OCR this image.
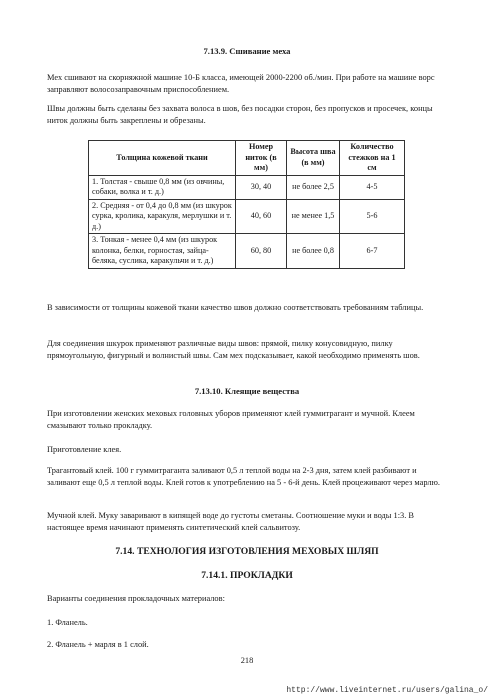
7.13.9. Сшивание меха

Мех сшивают на скорняжной машине 10-Б класса, имеющей 2000-2200 об./мин. При работе на машине ворс заправляют волосозаправочным приспособлением.

Швы должны быть сделаны без захвата волоса в шов, без посадки сторон, без пропусков и просечек, концы ниток должны быть закреплены и обрезаны.

Толщина кожевой ткани	Номер ниток (в мм)	Высота шва (в мм)	Количество стежков на 1 см
1. Толстая - свыше 0,8 мм (из овчины, собаки, волка и т. д.)	30, 40	не более 2,5	4-5
2. Средняя - от 0,4 до 0,8 мм (из шкурок сурка, кролика, каракуля, мерлушки и т. д.)	40, 60	не менее 1,5	5-6
3. Тонкая - менее 0,4 мм (из шкурок колонка, белки, горностая, зайца-беляка, суслика, каракульчи и т. д.)	60, 80	не более 0,8	6-7

В зависимости от толщины кожевой ткани качество швов должно соответствовать требованиям таблицы.

Для соединения шкурок применяют различные виды швов: прямой, пилку конусовидную, пилку прямоугольную, фигурный и волнистый швы. Сам мех подсказывает, какой необходимо применять шов.

7.13.10. Клеящие вещества

При изготовлении женских меховых головных уборов применяют клей гуммитрагант и мучной. Клеем смазывают только прокладку.

Приготовление клея.

Трагантовый клей. 100 г гуммитраганта заливают 0,5 л теплой воды на 2-3 дня, затем клей разбивают и заливают еще 0,5 л теплой воды. Клей готов к употреблению на 5 - 6-й день. Клей процеживают через марлю.

Мучной клей. Муку заваривают в кипящей воде до густоты сметаны. Соотношение муки и воды 1:3. В настоящее время начинают применять синтетический клей сальвитозу.

7.14. ТЕХНОЛОГИЯ ИЗГОТОВЛЕНИЯ МЕХОВЫХ ШЛЯП
7.14.1. ПРОКЛАДКИ

Варианты соединения прокладочных материалов:

1. Фланель.

2. Фланель + марля в 1 слой.

218
http://www.liveinternet.ru/users/galina_o/
